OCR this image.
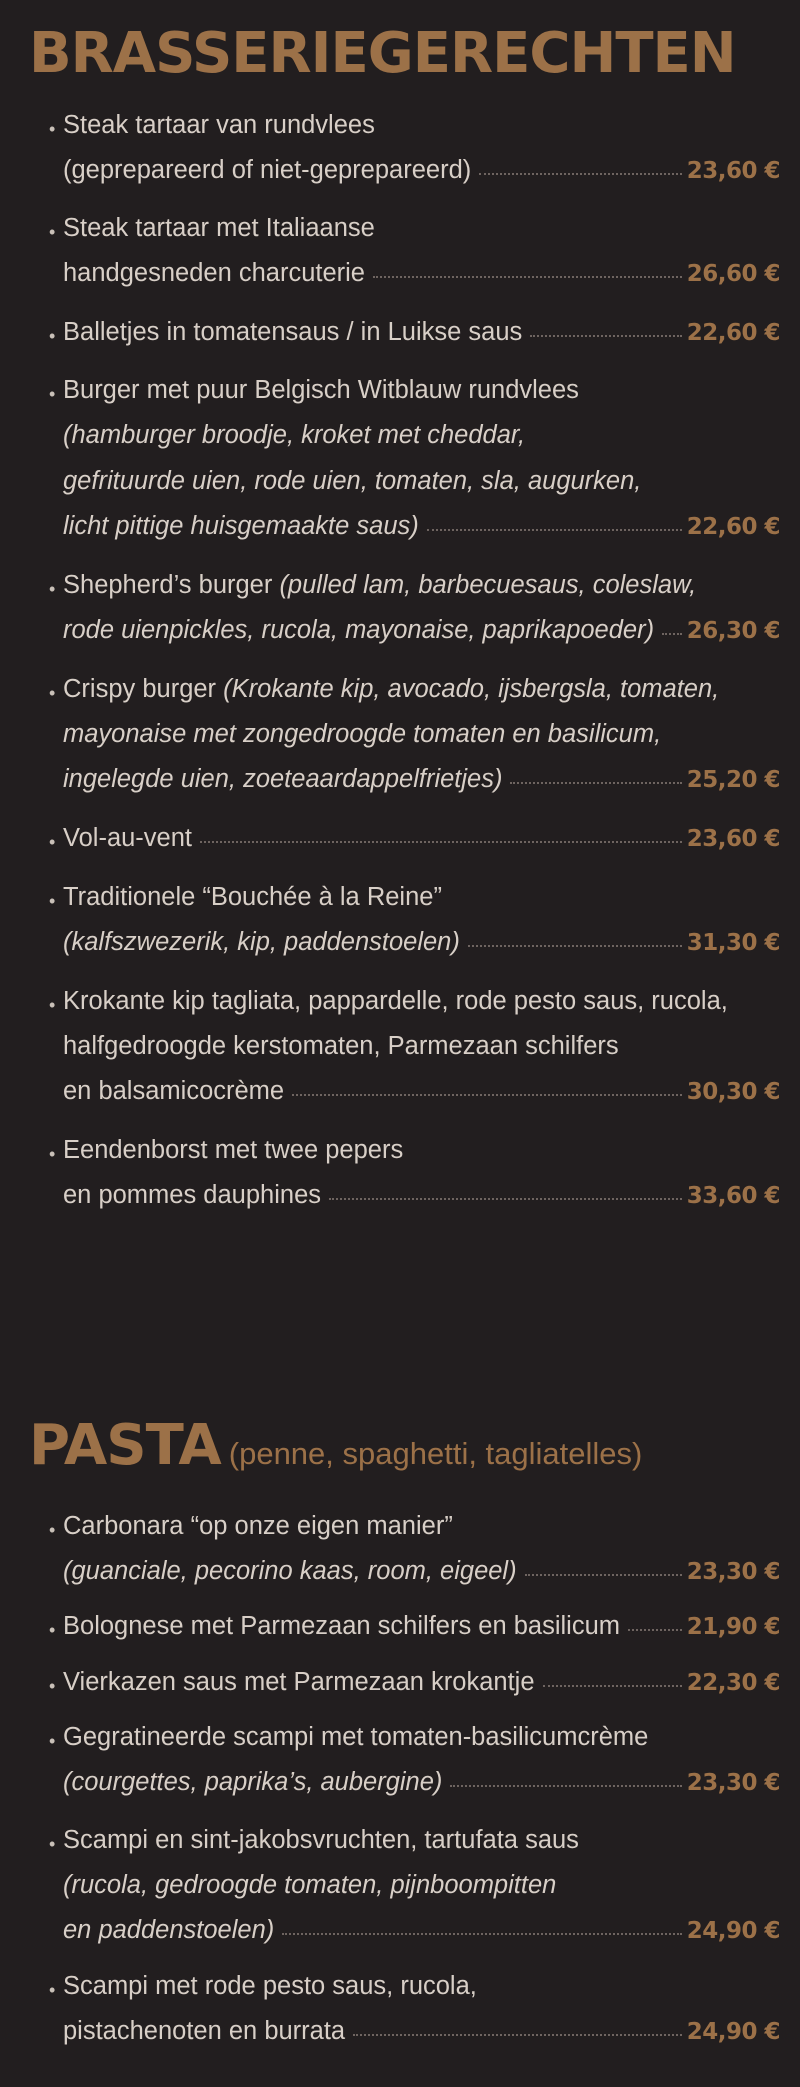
BRASSERIEGERECHTEN
• Steak tartaar van rundvlees
(geprepareerd of niet-geprepareerd)	23,60 €
• Steak tartaar met Italiaanse
handgesneden charcuterie	26,60 €
• Balletjes in tomatensaus / in Luikse saus	22,60 €
• Burger met puur Belgisch Witblauw rundvlees
(hamburger broodje, kroket met cheddar,
gefrituurde uien, rode uien, tomaten, sla, augurken,
licht pittige huisgemaakte saus)	22,60 €
• Shepherd’s burger (pulled lam, barbecuesaus, coleslaw,
rode uienpickles, rucola, mayonaise, paprikapoeder) 26,30 €
• Crispy burger (Krokante kip, avocado, ijsbergsla, tomaten,
mayonaise met zongedroogde tomaten en basilicum,
ingelegde uien, zoeteaardappelfrietjes)	25,20 €
• Vol-au-vent	23,60 €
• Traditionele “Bouchée à la Reine”
(kalfszwezerik, kip, paddenstoelen)	31,30 €
• Krokante kip tagliata, pappardelle, rode pesto saus, rucola,
halfgedroogde kerstomaten, Parmezaan schilfers
en balsamicocrème	30,30 €
• Eendenborst met twee pepers
en pommes dauphines	33,60 €
PASTA (penne, spaghetti, tagliatelles)
• Carbonara “op onze eigen manier”
(guanciale, pecorino kaas, room, eigeel)	23,30 €
• Bolognese met Parmezaan schilfers en basilicum	21,90 €
• Vierkazen saus met Parmezaan krokantje	22,30 €
• Gegratineerde scampi met tomaten-basilicumcrème
(courgettes, paprika’s, aubergine)	23,30 €
• Scampi en sint-jakobsvruchten, tartufata saus
(rucola, gedroogde tomaten, pijnboompitten
en paddenstoelen)	24,90 €
• Scampi met rode pesto saus, rucola,
pistachenoten en burrata	24,90 €
